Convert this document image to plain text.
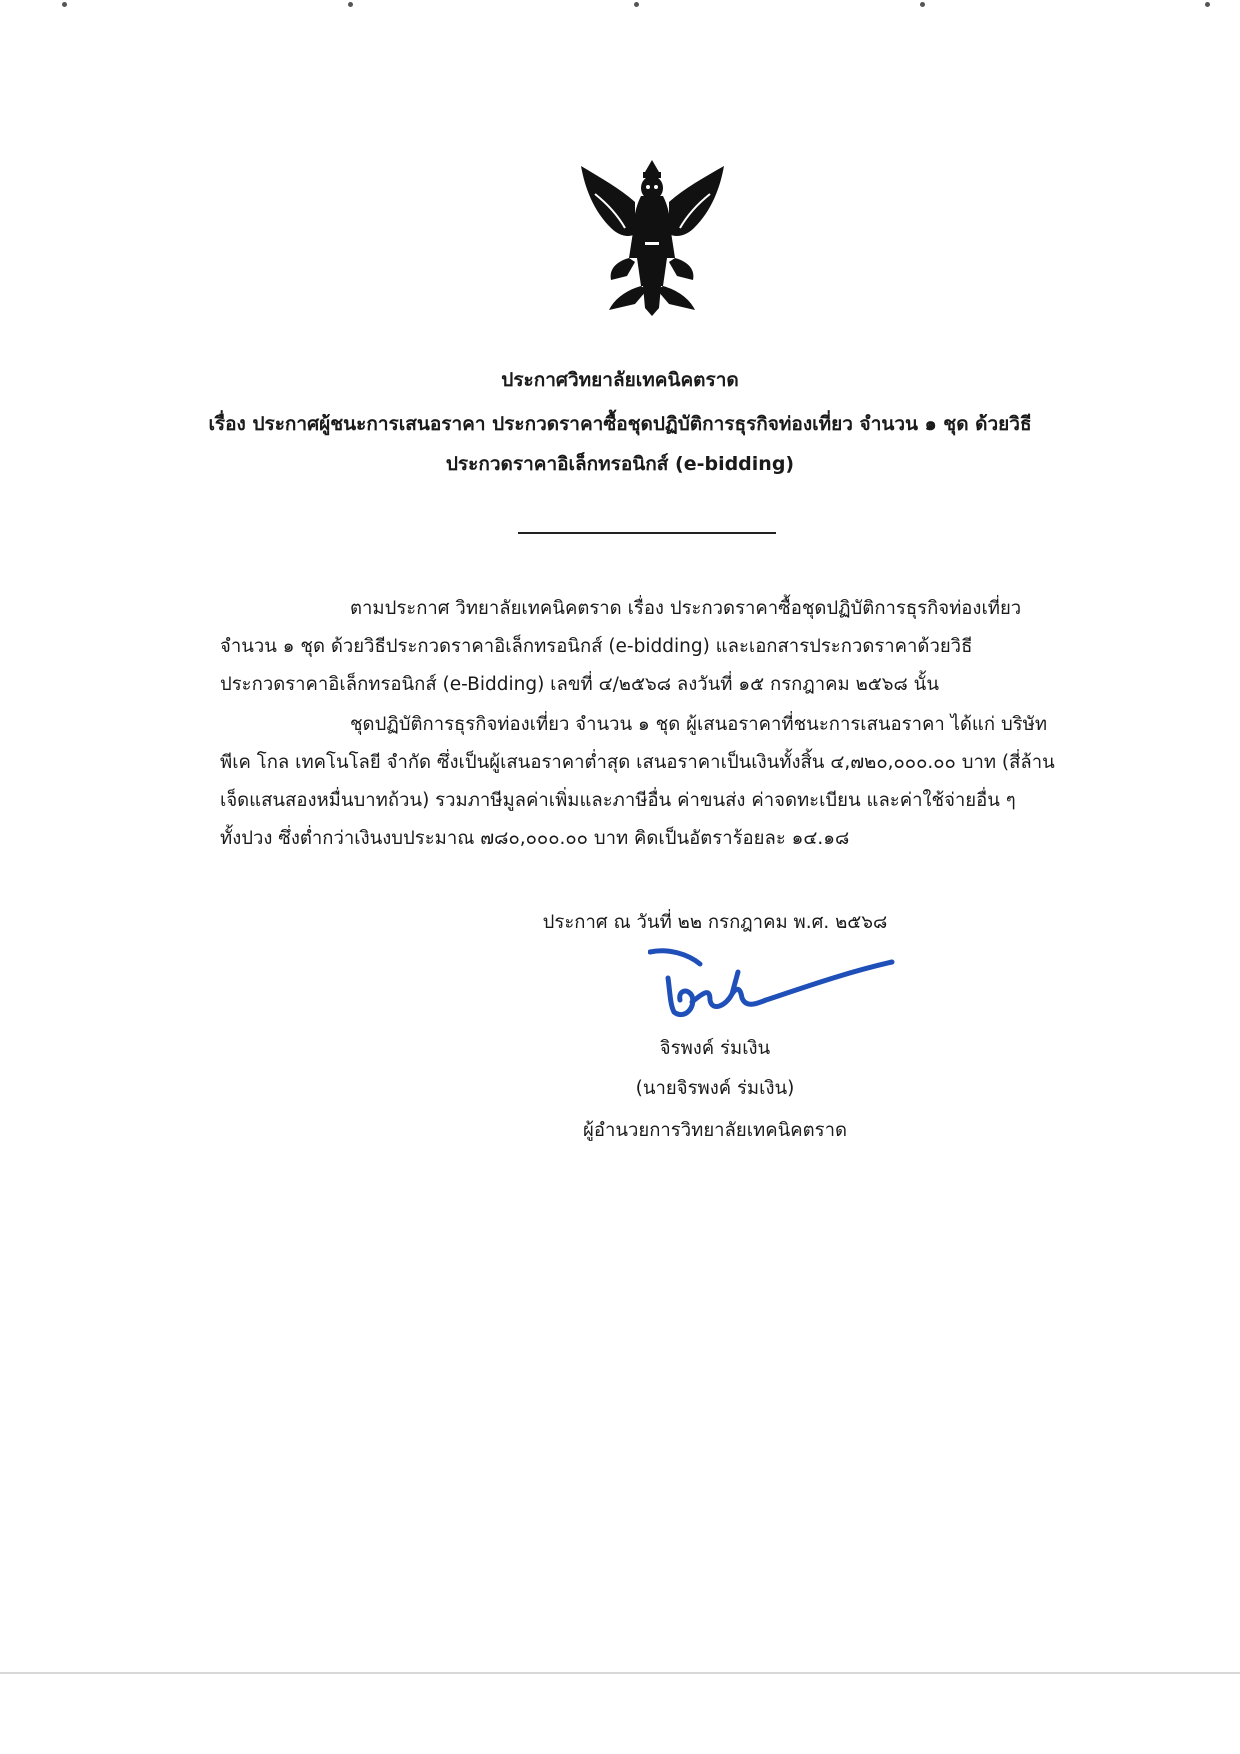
ประกาศวิทยาลัยเทคนิคตราด
เรื่อง ประกาศผู้ชนะการเสนอราคา ประกวดราคาซื้อชุดปฏิบัติการธุรกิจท่องเที่ยว จำนวน ๑ ชุด ด้วยวิธี
ประกวดราคาอิเล็กทรอนิกส์ (e-bidding)
ตามประกาศ วิทยาลัยเทคนิคตราด เรื่อง ประกวดราคาซื้อชุดปฏิบัติการธุรกิจท่องเที่ยว
จำนวน ๑ ชุด ด้วยวิธีประกวดราคาอิเล็กทรอนิกส์ (e-bidding) และเอกสารประกวดราคาด้วยวิธี
ประกวดราคาอิเล็กทรอนิกส์ (e-Bidding) เลขที่ ๔/๒๕๖๘ ลงวันที่ ๑๕ กรกฎาคม ๒๕๖๘ นั้น
ชุดปฏิบัติการธุรกิจท่องเที่ยว จำนวน ๑ ชุด ผู้เสนอราคาที่ชนะการเสนอราคา ได้แก่ บริษัท
พีเค โกล เทคโนโลยี จำกัด ซึ่งเป็นผู้เสนอราคาต่ำสุด เสนอราคาเป็นเงินทั้งสิ้น ๔,๗๒๐,๐๐๐.๐๐ บาท (สี่ล้าน
เจ็ดแสนสองหมื่นบาทถ้วน) รวมภาษีมูลค่าเพิ่มและภาษีอื่น ค่าขนส่ง ค่าจดทะเบียน และค่าใช้จ่ายอื่น ๆ
ทั้งปวง ซึ่งต่ำกว่าเงินงบประมาณ ๗๘๐,๐๐๐.๐๐ บาท คิดเป็นอัตราร้อยละ ๑๔.๑๘
ประกาศ ณ วันที่ ๒๒ กรกฎาคม พ.ศ. ๒๕๖๘
จิรพงค์ ร่มเงิน
(นายจิรพงค์ ร่มเงิน)
ผู้อำนวยการวิทยาลัยเทคนิคตราด
